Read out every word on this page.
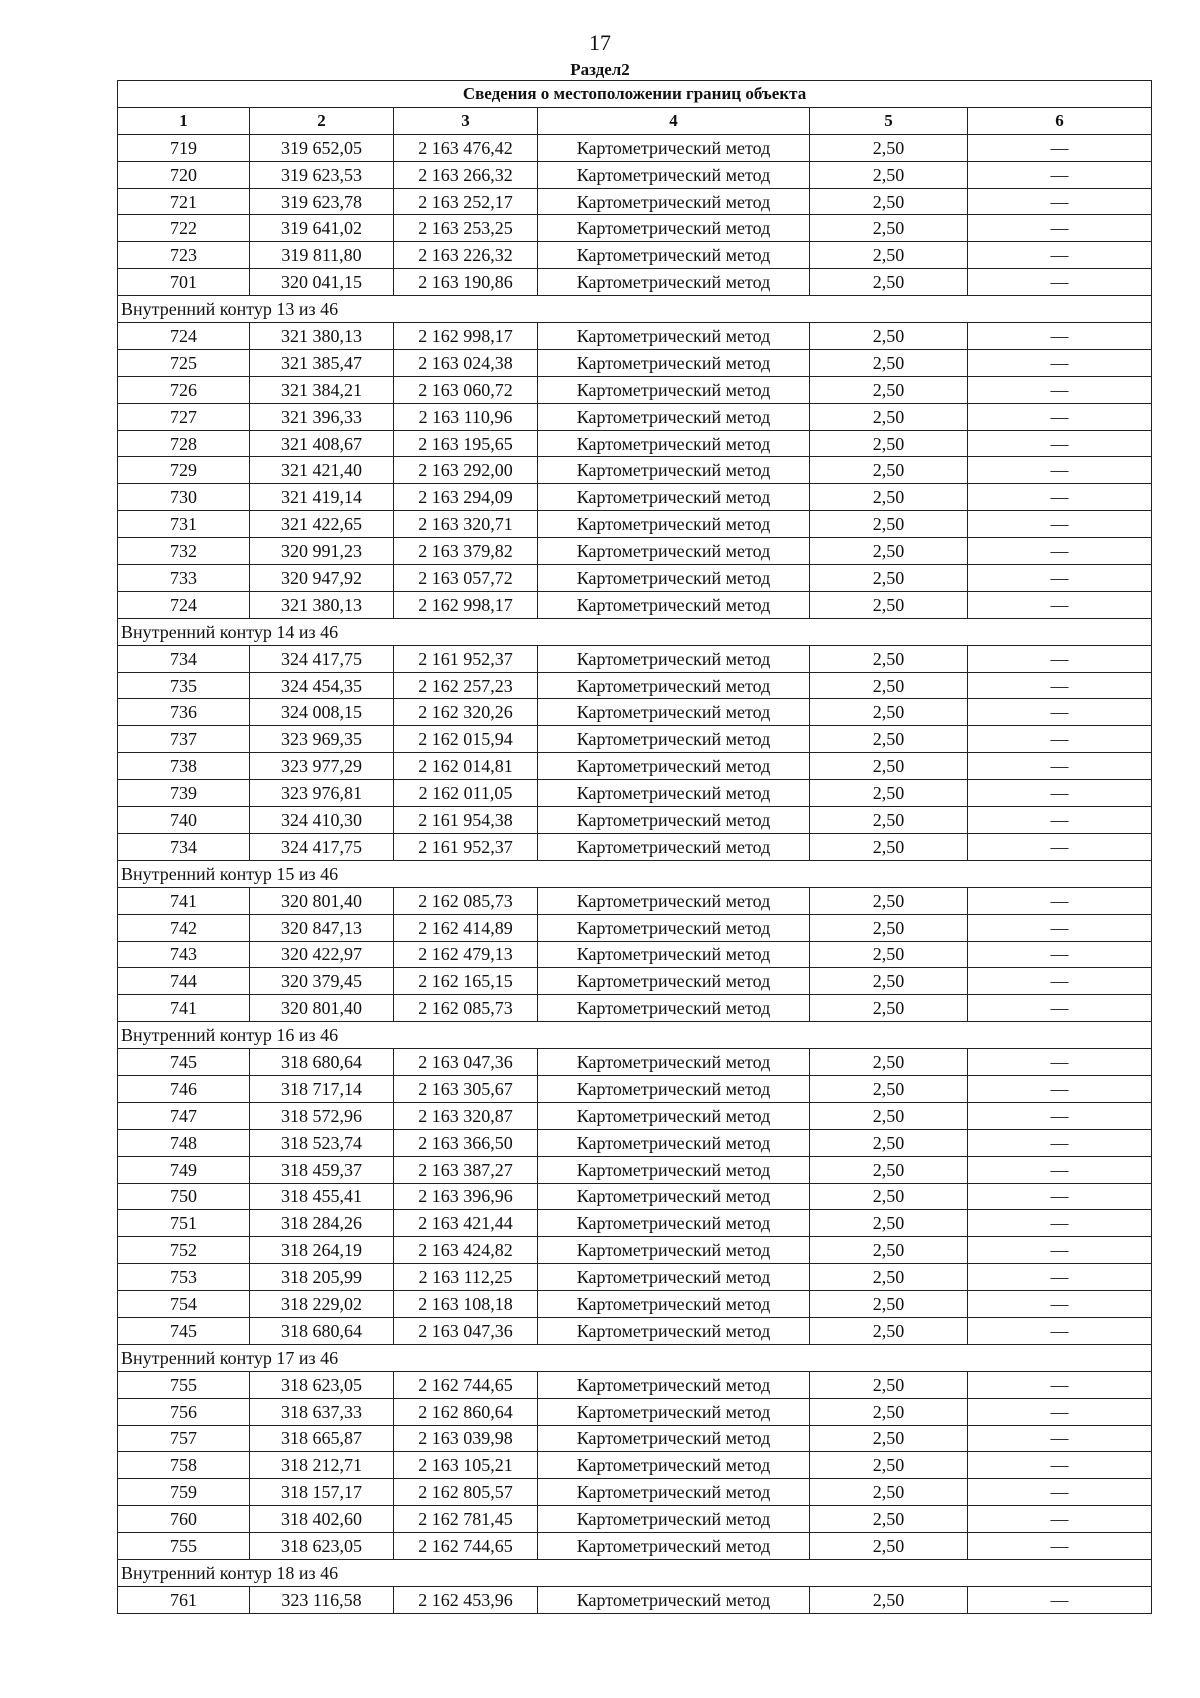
17
Раздел2
Сведения о местоположении границ объекта					
1	2	3	4	5	6
719	319 652,05	2 163 476,42	Картометрический метод	2,50	—
720	319 623,53	2 163 266,32	Картометрический метод	2,50	—
721	319 623,78	2 163 252,17	Картометрический метод	2,50	—
722	319 641,02	2 163 253,25	Картометрический метод	2,50	—
723	319 811,80	2 163 226,32	Картометрический метод	2,50	—
701	320 041,15	2 163 190,86	Картометрический метод	2,50	—
Внутренний контур 13 из 46					
724	321 380,13	2 162 998,17	Картометрический метод	2,50	—
725	321 385,47	2 163 024,38	Картометрический метод	2,50	—
726	321 384,21	2 163 060,72	Картометрический метод	2,50	—
727	321 396,33	2 163 110,96	Картометрический метод	2,50	—
728	321 408,67	2 163 195,65	Картометрический метод	2,50	—
729	321 421,40	2 163 292,00	Картометрический метод	2,50	—
730	321 419,14	2 163 294,09	Картометрический метод	2,50	—
731	321 422,65	2 163 320,71	Картометрический метод	2,50	—
732	320 991,23	2 163 379,82	Картометрический метод	2,50	—
733	320 947,92	2 163 057,72	Картометрический метод	2,50	—
724	321 380,13	2 162 998,17	Картометрический метод	2,50	—
Внутренний контур 14 из 46					
734	324 417,75	2 161 952,37	Картометрический метод	2,50	—
735	324 454,35	2 162 257,23	Картометрический метод	2,50	—
736	324 008,15	2 162 320,26	Картометрический метод	2,50	—
737	323 969,35	2 162 015,94	Картометрический метод	2,50	—
738	323 977,29	2 162 014,81	Картометрический метод	2,50	—
739	323 976,81	2 162 011,05	Картометрический метод	2,50	—
740	324 410,30	2 161 954,38	Картометрический метод	2,50	—
734	324 417,75	2 161 952,37	Картометрический метод	2,50	—
Внутренний контур 15 из 46					
741	320 801,40	2 162 085,73	Картометрический метод	2,50	—
742	320 847,13	2 162 414,89	Картометрический метод	2,50	—
743	320 422,97	2 162 479,13	Картометрический метод	2,50	—
744	320 379,45	2 162 165,15	Картометрический метод	2,50	—
741	320 801,40	2 162 085,73	Картометрический метод	2,50	—
Внутренний контур 16 из 46					
745	318 680,64	2 163 047,36	Картометрический метод	2,50	—
746	318 717,14	2 163 305,67	Картометрический метод	2,50	—
747	318 572,96	2 163 320,87	Картометрический метод	2,50	—
748	318 523,74	2 163 366,50	Картометрический метод	2,50	—
749	318 459,37	2 163 387,27	Картометрический метод	2,50	—
750	318 455,41	2 163 396,96	Картометрический метод	2,50	—
751	318 284,26	2 163 421,44	Картометрический метод	2,50	—
752	318 264,19	2 163 424,82	Картометрический метод	2,50	—
753	318 205,99	2 163 112,25	Картометрический метод	2,50	—
754	318 229,02	2 163 108,18	Картометрический метод	2,50	—
745	318 680,64	2 163 047,36	Картометрический метод	2,50	—
Внутренний контур 17 из 46					
755	318 623,05	2 162 744,65	Картометрический метод	2,50	—
756	318 637,33	2 162 860,64	Картометрический метод	2,50	—
757	318 665,87	2 163 039,98	Картометрический метод	2,50	—
758	318 212,71	2 163 105,21	Картометрический метод	2,50	—
759	318 157,17	2 162 805,57	Картометрический метод	2,50	—
760	318 402,60	2 162 781,45	Картометрический метод	2,50	—
755	318 623,05	2 162 744,65	Картометрический метод	2,50	—
Внутренний контур 18 из 46					
761	323 116,58	2 162 453,96	Картометрический метод	2,50	—
